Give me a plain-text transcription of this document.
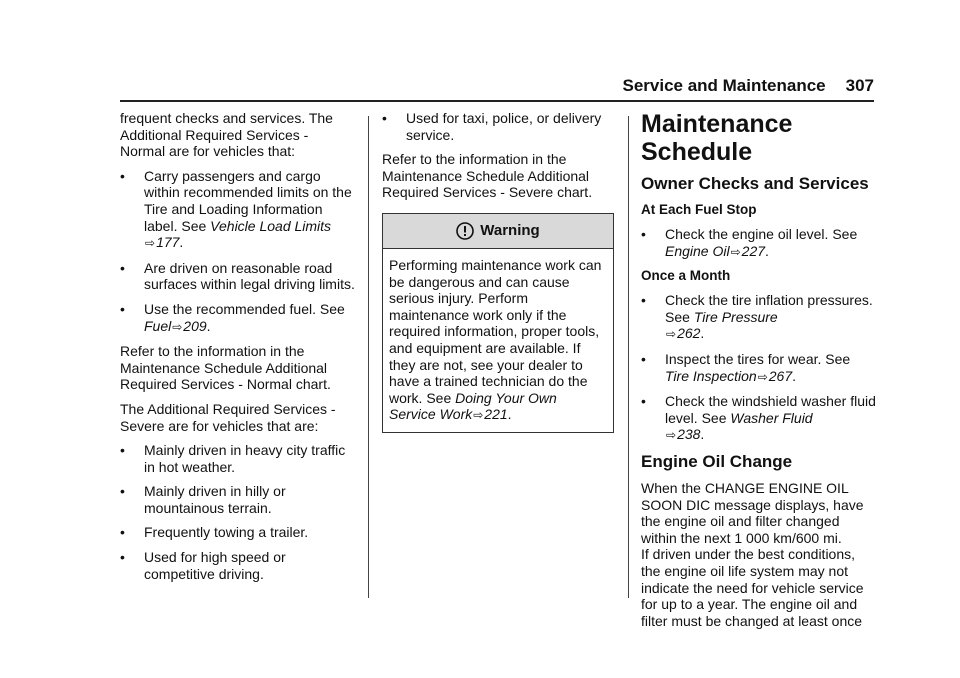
Service and Maintenance 307

frequent checks and services. The Additional Required Services - Normal are for vehicles that:

•	Carry passengers and cargo within recommended limits on the Tire and Loading Information label. See Vehicle Load Limits
⇨177.
•	Are driven on reasonable road surfaces within legal driving limits.
•	Use the recommended fuel. See
Fuel⇨209.

Refer to the information in the Maintenance Schedule Additional Required Services - Normal chart.

The Additional Required Services - Severe are for vehicles that are:

•	Mainly driven in heavy city traffic in hot weather.
•	Mainly driven in hilly or mountainous terrain.
•	Frequently towing a trailer.
•	Used for high speed or competitive driving.
•	Used for taxi, police, or delivery service.

Refer to the information in the Maintenance Schedule Additional Required Services - Severe chart.

Warning

Performing maintenance work can be dangerous and can cause serious injury. Perform maintenance work only if the required information, proper tools, and equipment are available. If they are not, see your dealer to have a trained technician do the work. See Doing Your Own Service Work⇨221.

Maintenance Schedule
Owner Checks and Services
At Each Fuel Stop
•	Check the engine oil level. See
Engine Oil⇨227.
Once a Month
•	Check the tire inflation pressures. See Tire Pressure
⇨262.
•	Inspect the tires for wear. See
Tire Inspection⇨267.
•	Check the windshield washer fluid level. See Washer Fluid
⇨238.
Engine Oil Change

When the CHANGE ENGINE OIL SOON DIC message displays, have the engine oil and filter changed within the next 1 000 km/600 mi.

If driven under the best conditions, the engine oil life system may not indicate the need for vehicle service for up to a year. The engine oil and filter must be changed at least once
